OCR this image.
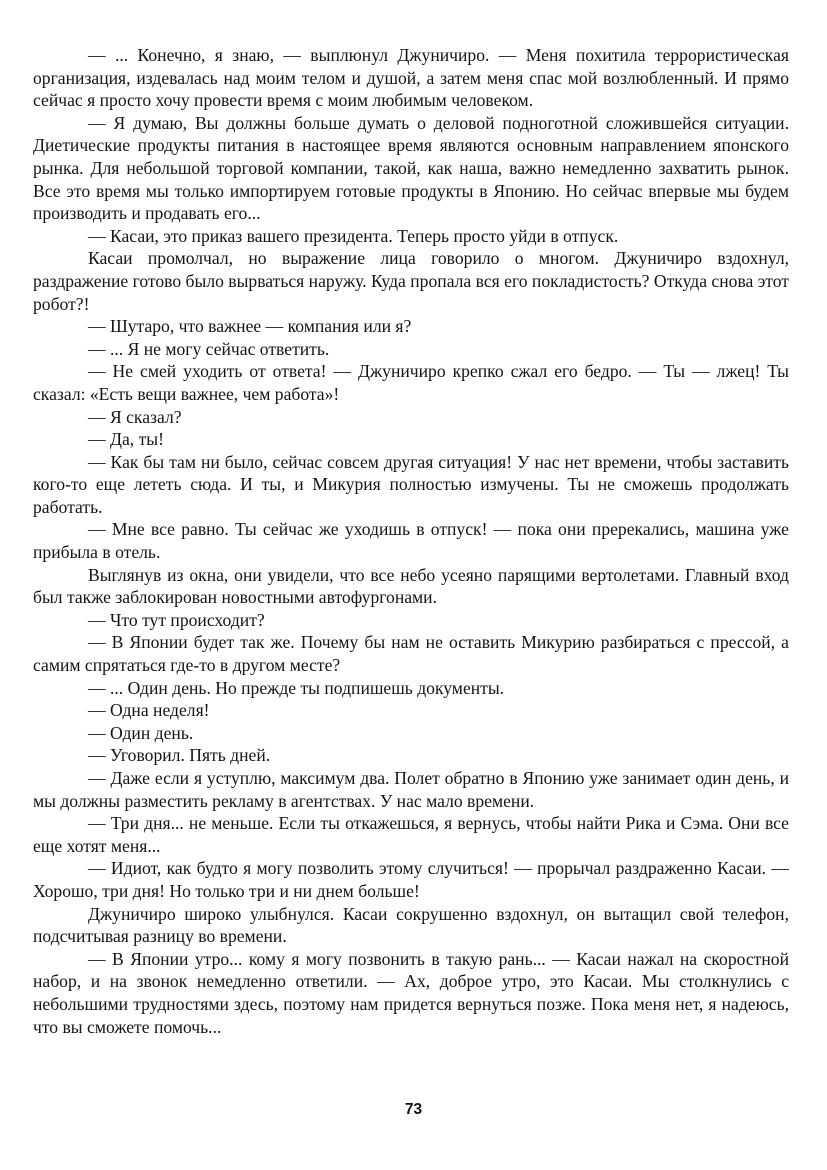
— ... Конечно, я знаю, — выплюнул Джуничиро. — Меня похитила террористическая организация, издевалась над моим телом и душой, а затем меня спас мой возлюбленный. И прямо сейчас я просто хочу провести время с моим любимым человеком.

— Я думаю, Вы должны больше думать о деловой подноготной сложившейся ситуации. Диетические продукты питания в настоящее время являются основным направлением японского рынка. Для небольшой торговой компании, такой, как наша, важно немедленно захватить рынок. Все это время мы только импортируем готовые продукты в Японию. Но сейчас впервые мы будем производить и продавать его...

— Касаи, это приказ вашего президента. Теперь просто уйди в отпуск.

Касаи промолчал, но выражение лица говорило о многом. Джуничиро вздохнул, раздражение готово было вырваться наружу. Куда пропала вся его покладистость? Откуда снова этот робот?!

— Шутаро, что важнее — компания или я?

— ... Я не могу сейчас ответить.

— Не смей уходить от ответа! — Джуничиро крепко сжал его бедро. — Ты — лжец! Ты сказал: «Есть вещи важнее, чем работа»!

— Я сказал?

— Да, ты!

— Как бы там ни было, сейчас совсем другая ситуация! У нас нет времени, чтобы заставить кого-то еще лететь сюда. И ты, и Микурия полностью измучены. Ты не сможешь продолжать работать.

— Мне все равно. Ты сейчас же уходишь в отпуск! — пока они пререкались, машина уже прибыла в отель.

Выглянув из окна, они увидели, что все небо усеяно парящими вертолетами. Главный вход был также заблокирован новостными автофургонами.

— Что тут происходит?

— В Японии будет так же. Почему бы нам не оставить Микурию разбираться с прессой, а самим спрятаться где-то в другом месте?

— ... Один день. Но прежде ты подпишешь документы.

— Одна неделя!

— Один день.

— Уговорил. Пять дней.

— Даже если я уступлю, максимум два. Полет обратно в Японию уже занимает один день, и мы должны разместить рекламу в агентствах. У нас мало времени.

— Три дня... не меньше. Если ты откажешься, я вернусь, чтобы найти Рика и Сэма. Они все еще хотят меня...

— Идиот, как будто я могу позволить этому случиться! — прорычал раздраженно Касаи. — Хорошо, три дня! Но только три и ни днем больше!

Джуничиро широко улыбнулся. Касаи сокрушенно вздохнул, он вытащил свой телефон, подсчитывая разницу во времени.

— В Японии утро... кому я могу позвонить в такую рань... — Касаи нажал на скоростной набор, и на звонок немедленно ответили. — Ах, доброе утро, это Касаи. Мы столкнулись с небольшими трудностями здесь, поэтому нам придется вернуться позже. Пока меня нет, я надеюсь, что вы сможете помочь...

73
